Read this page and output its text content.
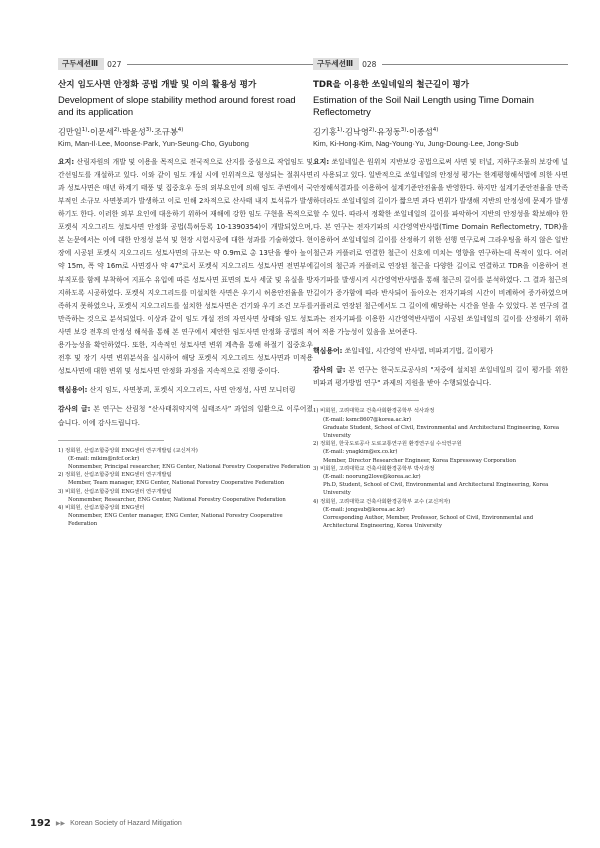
구두세션Ⅲ	027
산지 임도사면 안정화 공법 개발 및 이의 활용성 평가
Development of slope stability method around forest road and its application
김만일$^{1)}$·이문세$^{2)}$·박윤성$^{3)}$·조규봉$^{4)}$
Kim, Man-Il·Lee, Moonse·Park, Yun-Seung·Cho, Gyubong

요지: 산림자원의 개발 및 이용을 목적으로 전국적으로 산지를 중심으로 작업임도 및 간선임도를 개설하고 있다. 이와 같이 임도 개설 시에 인위적으로 형성되는 절취사면과 성토사면은 매년 하계기 태풍 및 집중호우 등의 외부요인에 의해 임도 주변에서 국부적인 소규모 사면붕괴가 발생하고 이로 인해 2차적으로 산사태 내지 토석류가 발생하기도 한다. 이러한 외부 요인에 대응하기 위하여 재해에 강한 임도 구현을 목적으로 포켓식 지오그리드 성토사면 안정화 공법(특허등록 10-1390354)이 개발되었으며, 본 논문에서는 이에 대한 안정성 분석 및 현장 시험시공에 대한 성과를 기술하였다. 현장에 시공된 포켓식 지오그리드 성토사면의 규모는 약 0.9m로 총 13단을 쌓아 높이 약 15m, 폭 약 16m로 사면경사 약 47°로서 포켓식 지오그리드 성토사면 전면부에 부직포를 함께 부착하여 지표수 유입에 따른 성토사면 표면의 토사 세굴 및 유실을 방지하도록 시공하였다. 포켓식 지오그리드를 미설치한 사면은 우기시 허용안전율을 만족하지 못하였으나, 포켓식 지오그리드를 설치한 성토사면은 건기와 우기 조건 모두를 만족하는 것으로 분석되었다. 이상과 같이 임도 개설 전의 자연사면 상태와 임도 성토사면 보강 전후의 안정성 해석을 통해 본 연구에서 제안한 임도사면 안정화 공법의 적용가능성을 확인하였다. 또한, 지속적인 성토사면 변위 계측을 통해 하절기 집중호우 전후 및 장기 사면 변위분석을 실시하여 해당 포켓식 지오그리드 성토사면과 미적용 성토사면에 대한 변위 및 성토사면 안정화 과정을 지속적으로 진행 중이다.

핵심용어: 산지 임도, 사면붕괴, 포켓식 지오그리드, 사면 안정성, 사면 모니터링

감사의 글: 본 연구는 산림청 “산사태취약지역 실태조사” 과업의 일환으로 이루어졌습니다. 이에 감사드립니다.

1) 정회원, 산림조합중앙회 ENG센터 연구개발팀 (교신저자)
(E-mail: mikim@nfcf.or.kr)
Nonmember, Principal researcher, ENG Center, National Forestry Cooperative Federation
2) 정회원, 산림조합중앙회 ENG센터 연구개발팀
Member, Team manager, ENG Center, National Forestry Cooperative Federation
3) 비회원, 산림조합중앙회 ENG센터 연구개발팀
Nonmember, Researcher, ENG Center, National Forestry Cooperative Federation
4) 비회원, 산림조합중앙회 ENG센터
Nonmember, ENG Center manager, ENG Center, National Forestry Cooperative Federation
구두세션Ⅲ	028
TDR을 이용한 쏘일네일의 철근길이 평가
Estimation of the Soil Nail Length using Time Domain Reflectometry
김기홍$^{1)}$·김낙영$^{2)}$·유정동$^{3)}$·이종섭$^{4)}$
Kim, Ki-Hong·Kim, Nag-Young·Yu, Jung-Doung·Lee, Jong-Sub

요지: 쏘일네일은 원위치 지반보강 공법으로써 사면 및 터널, 지하구조물의 보강에 널리 사용되고 있다. 일반적으로 쏘일네일의 안정성 평가는 한계평형해석법에 의한 사면안정해석결과를 이용하여 설계기준안전율을 반영한다. 하지만 설계기준안전율을 만족하더라도 쏘일네일의 길이가 짧으면 과다 변위가 발생해 지반의 안정성에 문제가 발생할 수 있다. 따라서 정확한 쏘일네일의 길이를 파악하여 지반의 안정성을 확보해야 한다. 본 연구는 전자기파의 시간영역반사법(Time Domain Reflectometry, TDR)을 이용하여 쏘일네일의 길이를 산정하기 위한 선행 연구로써 그라우팅을 하지 않은 일반철근과 커플러로 연결한 철근이 신호에 미치는 영향을 연구하는데 목적이 있다. 여러 길이의 철근과 커플러로 연장된 철근을 다양한 길이로 연결하고 TDR을 이용하여 전자기파를 발생시켜 시간영역반사법을 통해 철근의 길이를 분석하였다. 그 결과 철근의 길이가 증가함에 따라 반사되어 돌아오는 전자기파의 시간이 비례하여 증가하였으며 커플러로 연장된 철근에서도 그 길이에 해당하는 시간을 얻을 수 있었다. 본 연구의 결과는 전자기파를 이용한 시간영역반사법이 시공된 쏘일네일의 길이를 산정하기 위하여 적용 가능성이 있음을 보여준다.

핵심용어: 쏘일네일, 시간영역 반사법, 비파괴기법, 길이평가

감사의 글: 본 연구는 한국도로공사의 "저중에 설치된 쏘일네일의 길이 평가를 위한 비파괴 평가방법 연구" 과제의 지원을 받아 수행되었습니다.

1) 비회원, 고려대학교 건축사회환경공학부 석사과정
(E-mail: ksmc8607@korea.ac.kr)
Graduate Student, School of Civil, Environmental and Architectural Engineering, Korea University
2) 정회원, 한국도로공사 도로교통연구원 환경연구실 수석연구원
(E-mail: ynagkim@ex.co.kr)
Member, Director Researcher Engineer, Korea Expressway Corporation
3) 비회원, 고려대학교 건축사회환경공학부 박사과정
(E-mail: noorung2love@korea.ac.kr)
Ph.D, Student, School of Civil, Environmental and Architectural Engineering, Korea University
4) 정회원, 고려대학교 건축사회환경공학부 교수 (교신저자)
(E-mail: jongsub@korea.ac.kr)
Corresponding Author, Member, Professor, School of Civil, Environmental and Architectural Engineering, Korea University
192 ▶▶ Korean Society of Hazard Mitigation
